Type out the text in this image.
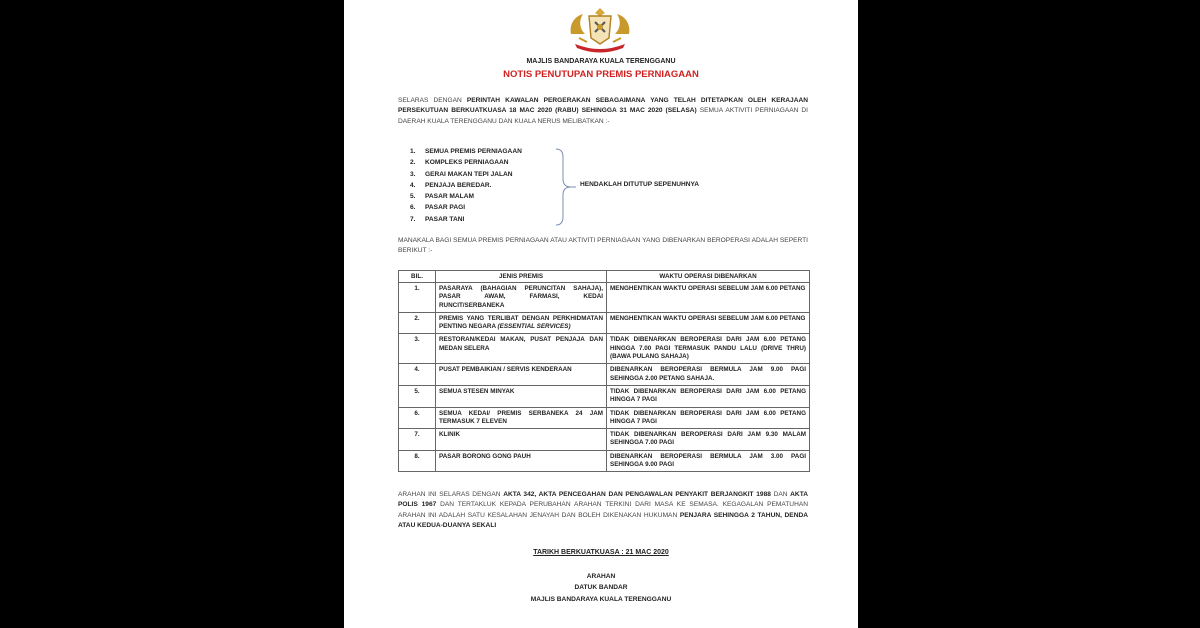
MAJLIS BANDARAYA KUALA TERENGGANU
NOTIS PENUTUPAN PREMIS PERNIAGAAN
SELARAS DENGAN PERINTAH KAWALAN PERGERAKAN SEBAGAIMANA YANG TELAH DITETAPKAN OLEH KERAJAAN PERSEKUTUAN BERKUATKUASA 18 MAC 2020 (RABU) SEHINGGA 31 MAC 2020 (SELASA) SEMUA AKTIVITI PERNIAGAAN DI DAERAH KUALA TERENGGANU DAN KUALA NERUS MELIBATKAN :-
1. SEMUA PREMIS PERNIAGAAN
2. KOMPLEKS PERNIAGAAN
3. GERAI MAKAN TEPI JALAN
4. PENJAJA BEREDAR.
5. PASAR MALAM
6. PASAR PAGI
7. PASAR TANI
HENDAKLAH DITUTUP SEPENUHNYA
MANAKALA BAGI SEMUA PREMIS PERNIAGAAN ATAU AKTIVITI PERNIAGAAN YANG DIBENARKAN BEROPERASI ADALAH SEPERTI BERIKUT :-
BIL.	JENIS PREMIS	WAKTU OPERASI DIBENARKAN
1.	PASARAYA (BAHAGIAN PERUNCITAN SAHAJA), PASAR AWAM, FARMASI, KEDAI RUNCIT/SERBANEKA	MENGHENTIKAN WAKTU OPERASI SEBELUM JAM 6.00 PETANG
2.	PREMIS YANG TERLIBAT DENGAN PERKHIDMATAN PENTING NEGARA (ESSENTIAL SERVICES)	MENGHENTIKAN WAKTU OPERASI SEBELUM JAM 6.00 PETANG
3.	RESTORAN/KEDAI MAKAN, PUSAT PENJAJA DAN MEDAN SELERA	TIDAK DIBENARKAN BEROPERASI DARI JAM 6.00 PETANG HINGGA 7.00 PAGI TERMASUK PANDU LALU (DRIVE THRU) (BAWA PULANG SAHAJA)
4.	PUSAT PEMBAIKIAN / SERVIS KENDERAAN	DIBENARKAN BEROPERASI BERMULA JAM 9.00 PAGI SEHINGGA 2.00 PETANG SAHAJA.
5.	SEMUA STESEN MINYAK	TIDAK DIBENARKAN BEROPERASI DARI JAM 6.00 PETANG HINGGA 7 PAGI
6.	SEMUA KEDAI/ PREMIS SERBANEKA 24 JAM TERMASUK 7 ELEVEN	TIDAK DIBENARKAN BEROPERASI DARI JAM 6.00 PETANG HINGGA 7 PAGI
7.	KLINIK	TIDAK DIBENARKAN BEROPERASI DARI JAM 9.30 MALAM SEHINGGA 7.00 PAGI
8.	PASAR BORONG GONG PAUH	DIBENARKAN BEROPERASI BERMULA JAM 3.00 PAGI SEHINGGA 9.00 PAGI
ARAHAN INI SELARAS DENGAN AKTA 342, AKTA PENCEGAHAN DAN PENGAWALAN PENYAKIT BERJANGKIT 1988 DAN AKTA POLIS 1967 DAN TERTAKLUK KEPADA PERUBAHAN ARAHAN TERKINI DARI MASA KE SEMASA. KEGAGALAN PEMATUHAN ARAHAN INI ADALAH SATU KESALAHAN JENAYAH DAN BOLEH DIKENAKAN HUKUMAN PENJARA SEHINGGA 2 TAHUN, DENDA ATAU KEDUA-DUANYA SEKALI
TARIKH BERKUATKUASA : 21 MAC 2020
ARAHAN
DATUK BANDAR
MAJLIS BANDARAYA KUALA TERENGGANU
